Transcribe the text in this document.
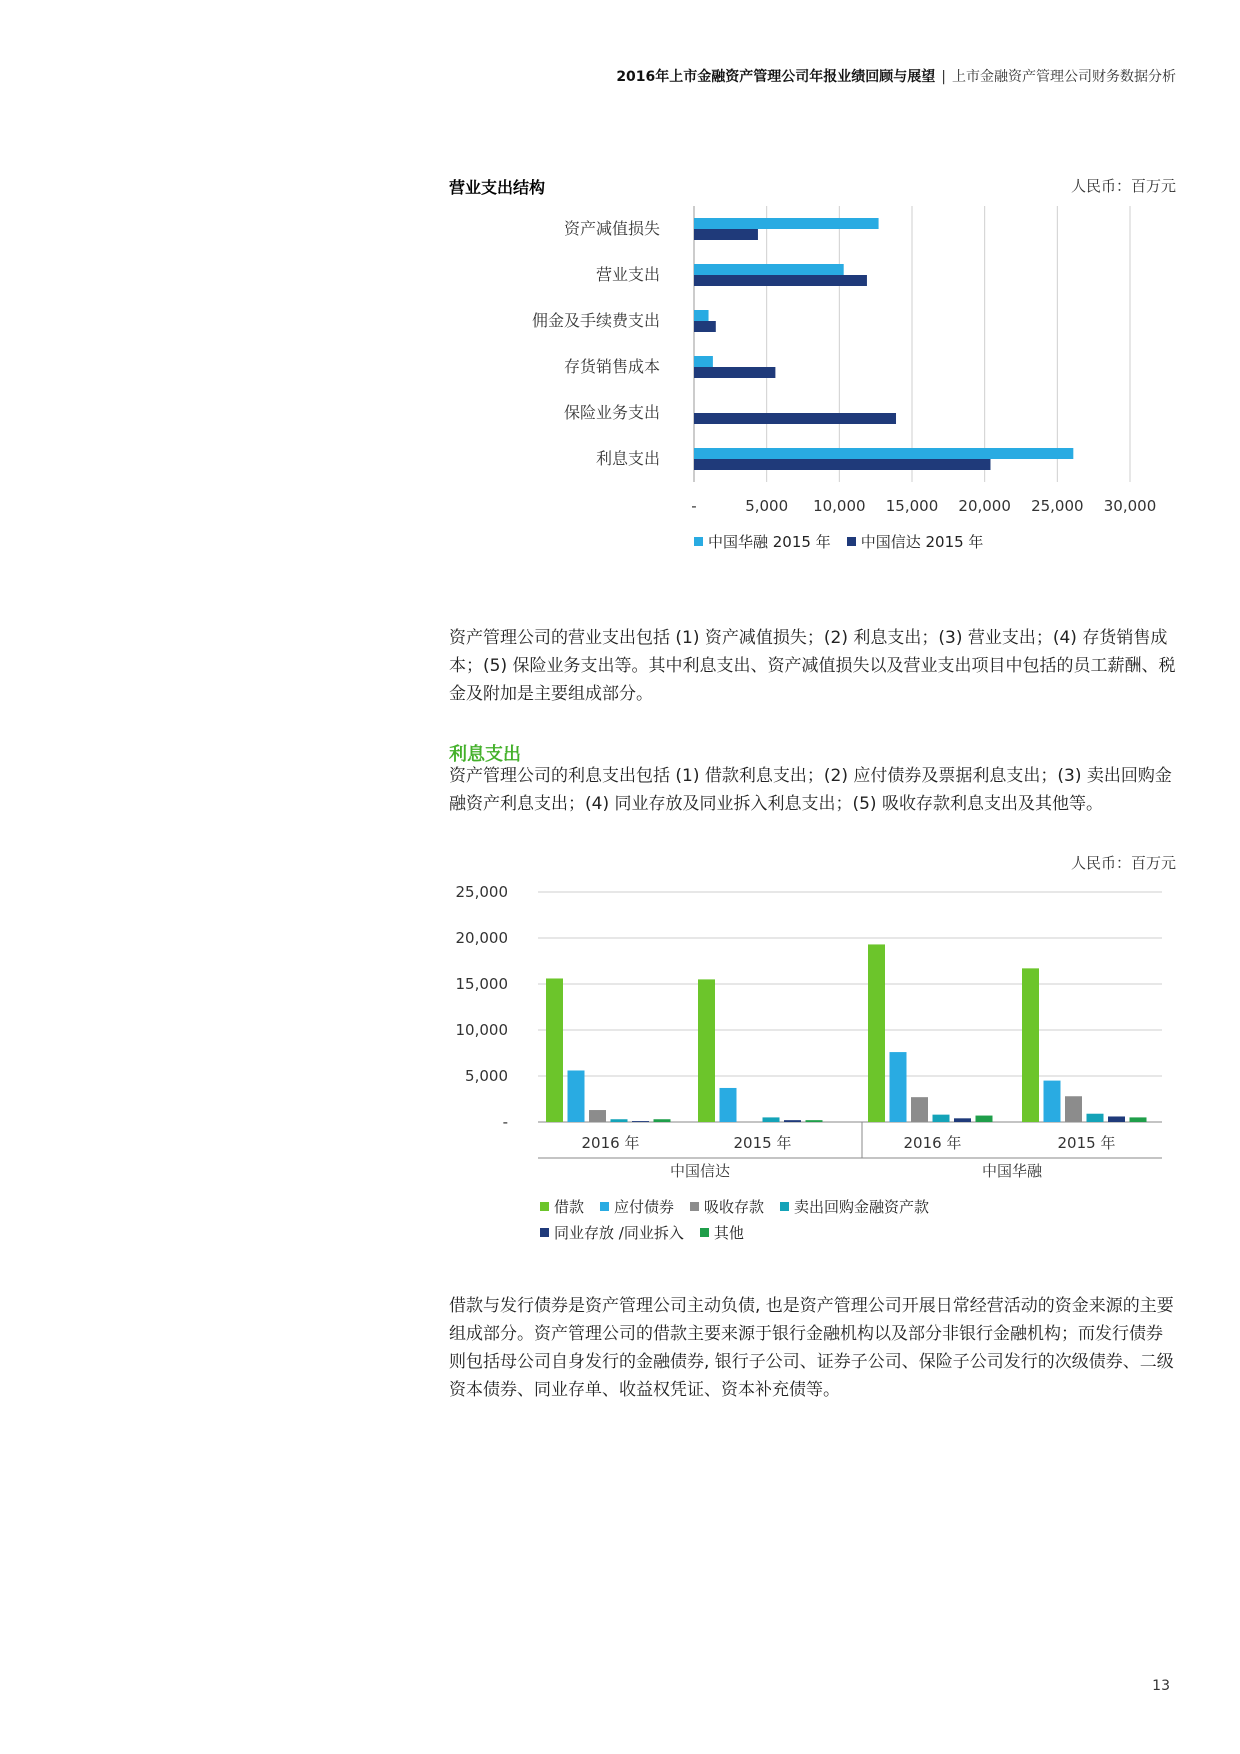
2016年上市金融资产管理公司年报业绩回顾与展望 | 上市金融资产管理公司财务数据分析
营业支出结构	人民币：百万元
-	5,000 10,000 15,000 20,000 25,000 30,000
资产减值损失
营业支出
佣金及手续费支出
存货销售成本
保险业务支出
利息支出
中国华融 2015 年 中国信达 2015 年
资产管理公司的营业支出包括 (1) 资产减值损失；(2) 利息支出；(3) 营业支出；(4) 存货销售成本；(5) 保险业务支出等。其中利息支出、资产减值损失以及营业支出项目中包括的员工薪酬、税金及附加是主要组成部分。
利息支出
资产管理公司的利息支出包括 (1) 借款利息支出；(2) 应付债券及票据利息支出；(3) 卖出回购金融资产利息支出；(4) 同业存放及同业拆入利息支出；(5) 吸收存款利息支出及其他等。
人民币：百万元
-
5,000
10,000
15,000
20,000
25,000
2016 年	2015 年	2016 年	2015 年
中国信达	中国华融
借款 应付债券 吸收存款 卖出回购金融资产款同业存放 /同业拆入 其他
借款与发行债券是资产管理公司主动负债, 也是资产管理公司开展日常经营活动的资金来源的主要组成部分。资产管理公司的借款主要来源于银行金融机构以及部分非银行金融机构；而发行债券则包括母公司自身发行的金融债券, 银行子公司、证券子公司、保险子公司发行的次级债券、二级资本债券、同业存单、收益权凭证、资本补充债等。
13
